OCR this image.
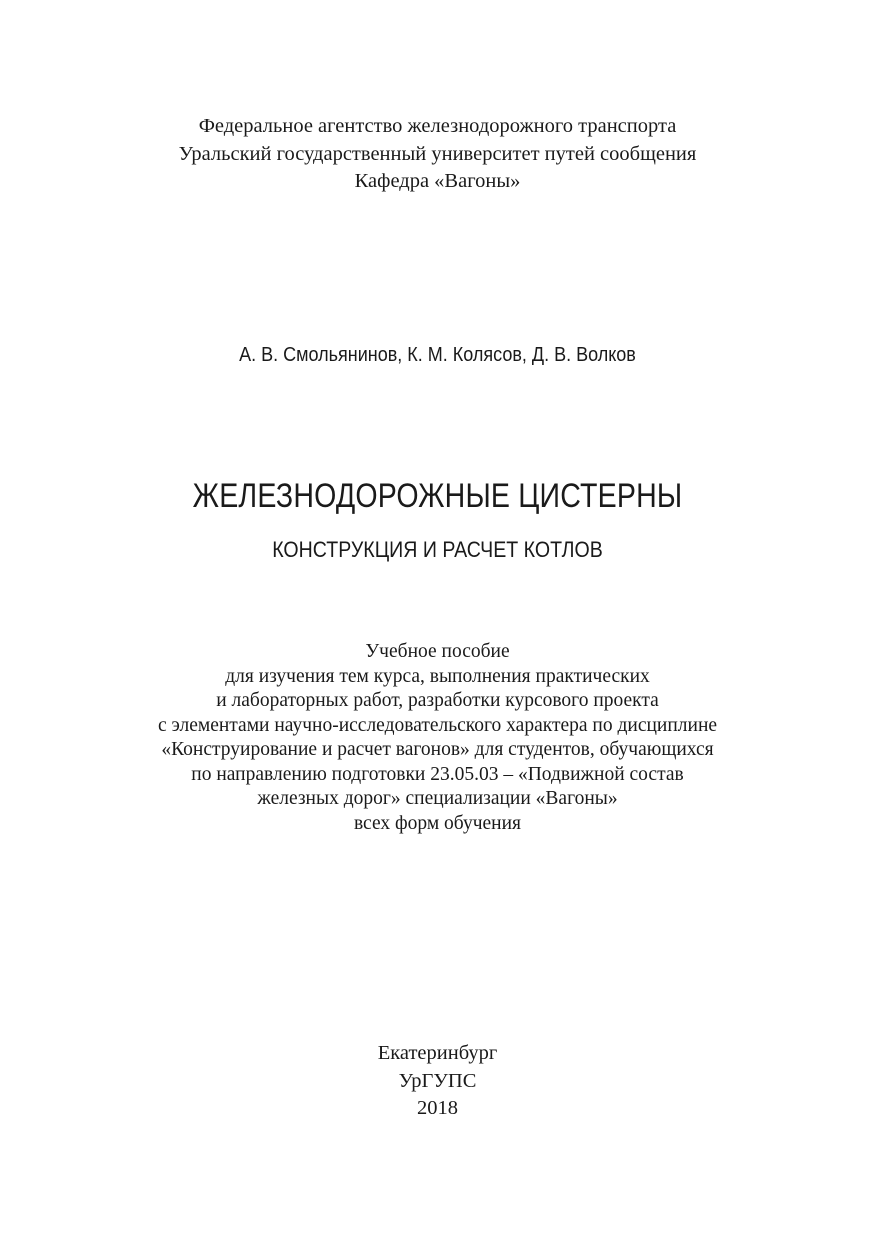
Федеральное агентство железнодорожного транспорта
Уральский государственный университет путей сообщения
Кафедра «Вагоны»
А. В. Смольянинов, К. М. Колясов, Д. В. Волков
ЖЕЛЕЗНОДОРОЖНЫЕ ЦИСТЕРНЫ
КОНСТРУКЦИЯ И РАСЧЕТ КОТЛОВ
Учебное пособие
для изучения тем курса, выполнения практических
и лабораторных работ, разработки курсового проекта
с элементами научно-исследовательского характера по дисциплине
«Конструирование и расчет вагонов» для студентов, обучающихся
по направлению подготовки 23.05.03 – «Подвижной состав
железных дорог» специализации «Вагоны»
всех форм обучения
Екатеринбург
УрГУПС
2018
